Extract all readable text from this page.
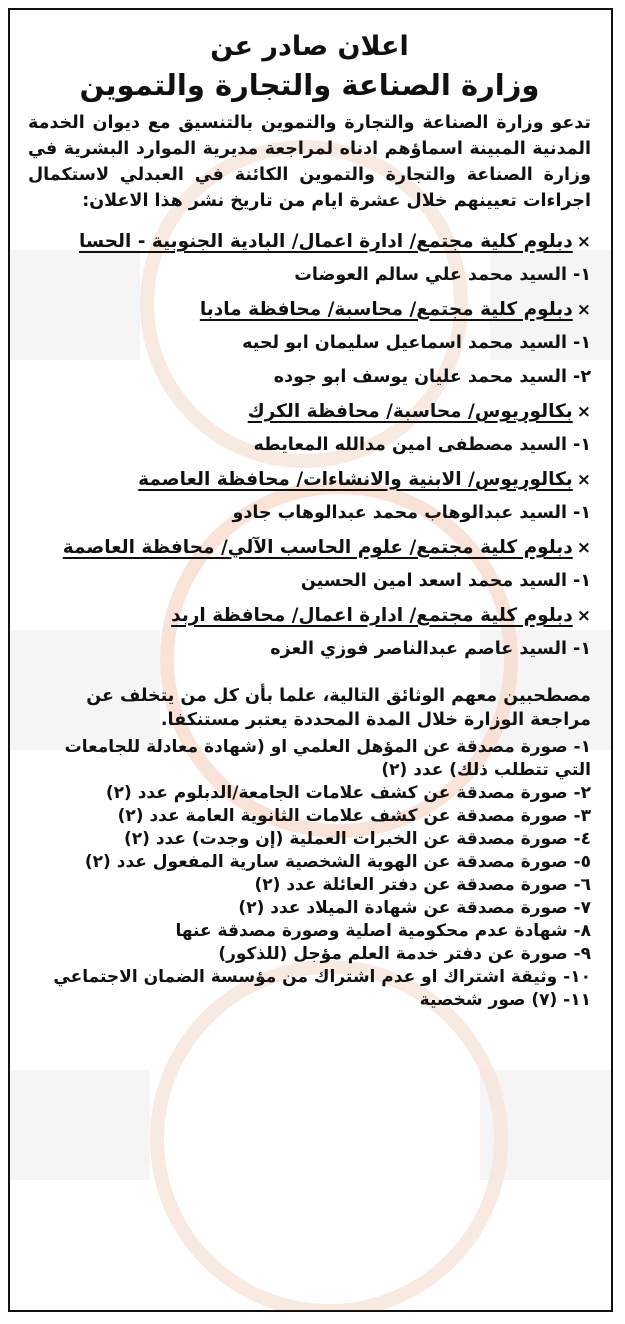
اعلان صادر عن
وزارة الصناعة والتجارة والتموين

تدعو وزارة الصناعة والتجارة والتموين بالتنسيق مع ديوان الخدمة المدنية المبينة اسماؤهم ادناه لمراجعة مديرية الموارد البشرية في وزارة الصناعة والتجارة والتموين الكائنة في العبدلي لاستكمال اجراءات تعيينهم خلال عشرة ايام من تاريخ نشر هذا الاعلان:

×دبلوم كلية مجتمع/ ادارة اعمال/ البادية الجنوبية - الحسا

١- السيد محمد علي سالم العوضات

×دبلوم كلية مجتمع/ محاسبة/ محافظة مادبا

١- السيد محمد اسماعيل سليمان ابو لحيه

٢- السيد محمد عليان يوسف ابو جوده

×بكالوريوس/ محاسبة/ محافظة الكرك

١- السيد مصطفى امين مدالله المعايطه

×بكالوريوس/ الابنية والانشاءات/ محافظة العاصمة

١- السيد عبدالوهاب محمد عبدالوهاب جادو

×دبلوم كلية مجتمع/ علوم الحاسب الآلي/ محافظة العاصمة

١- السيد محمد اسعد امين الحسين

×دبلوم كلية مجتمع/ ادارة اعمال/ محافظة اربد

١- السيد عاصم عبدالناصر فوزي العزه

مصطحبين معهم الوثائق التالية، علما بأن كل من يتخلف عن مراجعة الوزارة خلال المدة المحددة يعتبر مستنكفا.

١- صورة مصدقة عن المؤهل العلمي او (شهادة معادلة للجامعات التي تتطلب ذلك) عدد (٢)
٢- صورة مصدقة عن كشف علامات الجامعة/الدبلوم عدد (٢)
٣- صورة مصدقة عن كشف علامات الثانوية العامة عدد (٢)
٤- صورة مصدقة عن الخبرات العملية (إن وجدت) عدد (٢)
٥- صورة مصدقة عن الهوية الشخصية سارية المفعول عدد (٢)
٦- صورة مصدقة عن دفتر العائلة عدد (٢)
٧- صورة مصدقة عن شهادة الميلاد عدد (٢)
٨- شهادة عدم محكومية اصلية وصورة مصدقة عنها
٩- صورة عن دفتر خدمة العلم مؤجل (للذكور)
١٠- وثيقة اشتراك او عدم اشتراك من مؤسسة الضمان الاجتماعي
١١- (٧) صور شخصية
